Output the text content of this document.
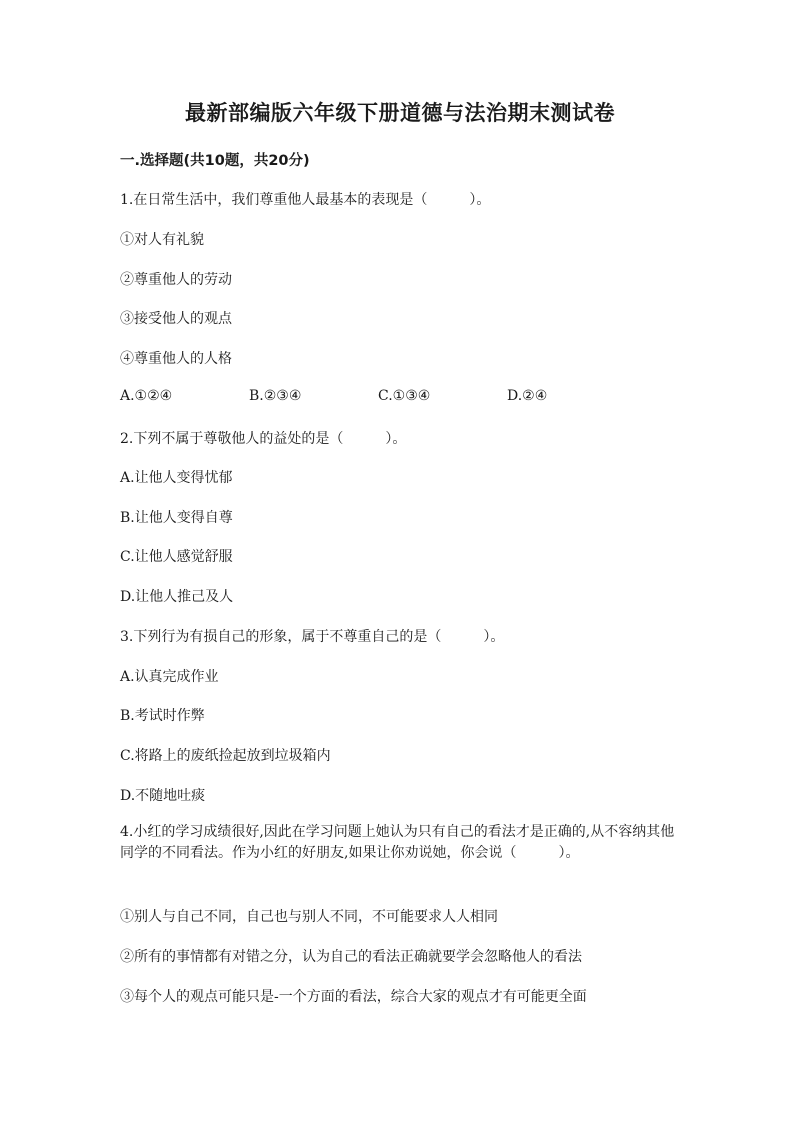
最新部编版六年级下册道德与法治期末测试卷
一.选择题(共10题，共20分)
1.在日常生活中，我们尊重他人最基本的表现是（　　　）。
①对人有礼貌
②尊重他人的劳动
③接受他人的观点
④尊重他人的人格
A.①②④	B.②③④	C.①③④	D.②④
2.下列不属于尊敬他人的益处的是（　　　）。
A.让他人变得忧郁
B.让他人变得自尊
C.让他人感觉舒服
D.让他人推己及人
3.下列行为有损自己的形象，属于不尊重自己的是（　　　）。
A.认真完成作业
B.考试时作弊
C.将路上的废纸捡起放到垃圾箱内
D.不随地吐痰
4.小红的学习成绩很好,因此在学习问题上她认为只有自己的看法才是正确的,从不容纳其他同学的不同看法。作为小红的好朋友,如果让你劝说她，你会说（　　　）。
①别人与自己不同，自己也与别人不同，不可能要求人人相同
②所有的事情都有对错之分，认为自己的看法正确就要学会忽略他人的看法
③每个人的观点可能只是-一个方面的看法，综合大家的观点才有可能更全面
